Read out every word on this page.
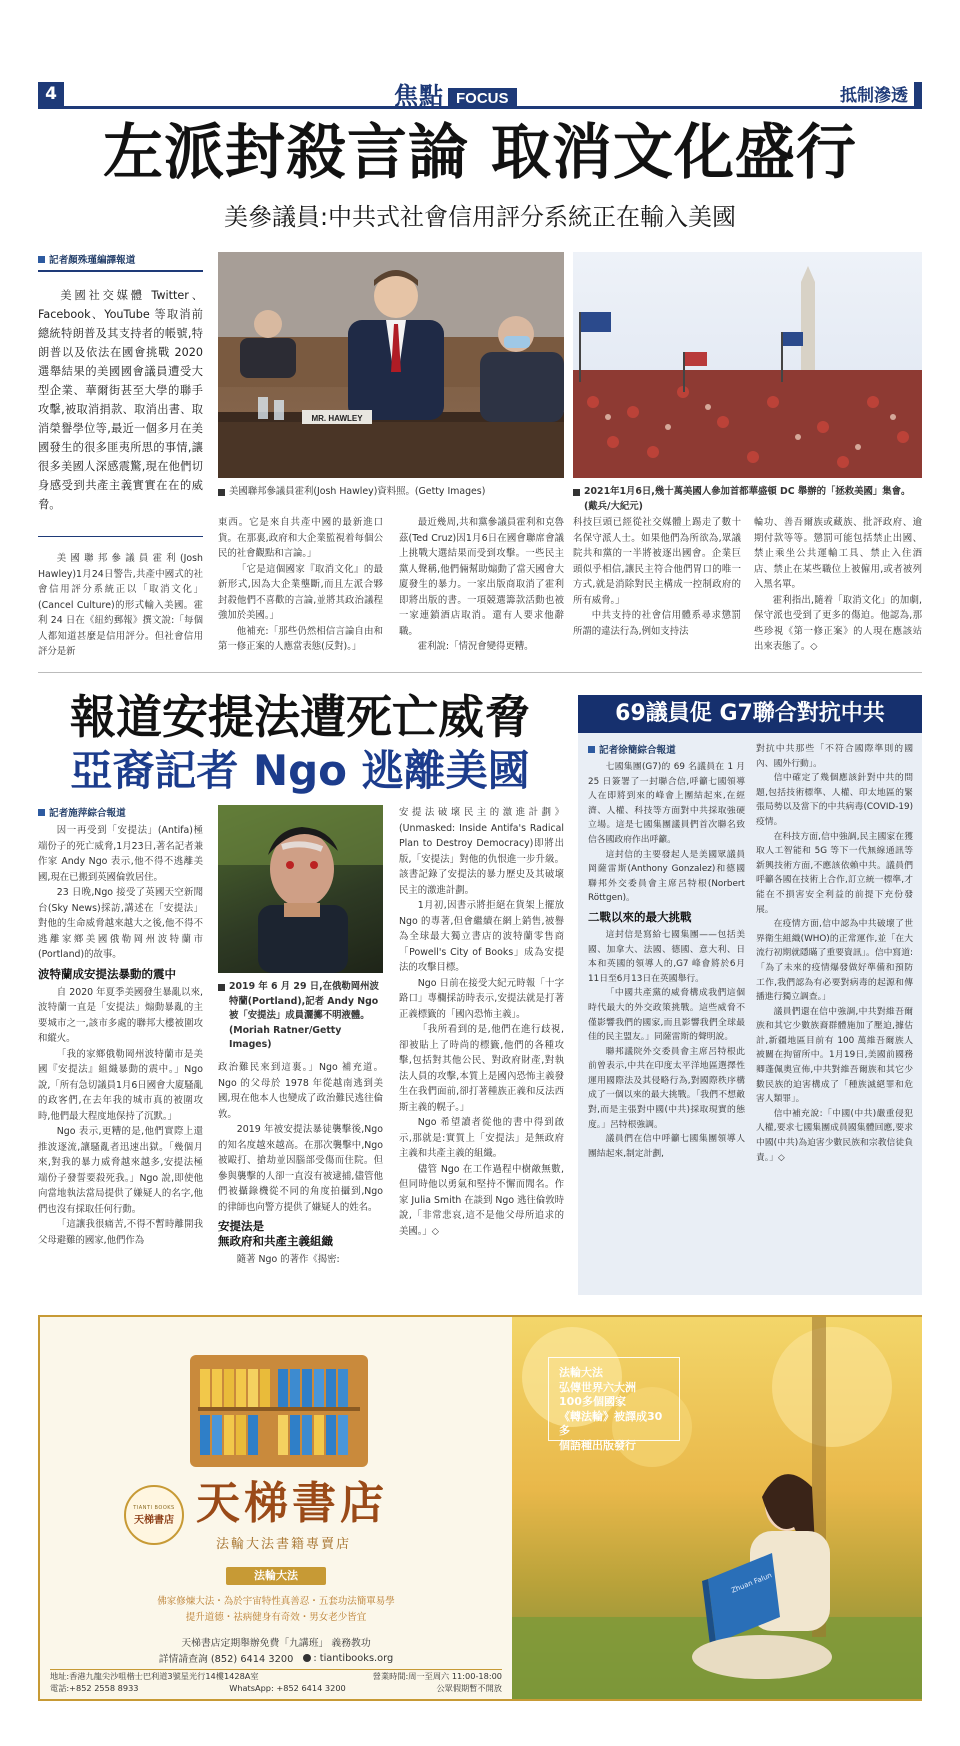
4	焦點 FOCUS	抵制滲透
左派封殺言論 取消文化盛行
美參議員:中共式社會信用評分系統正在輸入美國
記者顏殊瑾編譯報道

美國社交媒體 Twitter、Facebook、YouTube 等取消前總統特朗普及其支持者的帳號,特朗普以及依法在國會挑戰 2020 選舉結果的美國國會議員遭受大型企業、華爾街甚至大學的聯手攻擊,被取消捐款、取消出書、取消榮譽學位等,最近一個多月在美國發生的很多匪夷所思的事情,讓很多美國人深感震驚,現在他們切身感受到共產主義實實在在的威脅。

美國聯邦參議員霍利(Josh Hawley)1月24日警告,共產中國式的社會信用評分系統正以「取消文化」(Cancel Culture)的形式輸入美國。霍利 24 日在《紐約郵報》撰文說:「每個人都知道甚麼是信用評分。但社會信用評分是新

MR. HAWLEY
美國聯邦參議員霍利(Josh Hawley)資料照。(Getty Images)	2021年1月6日,幾十萬美國人參加首都華盛頓 DC 舉辦的「拯救美國」集會。(戴兵/大紀元)

東西。它是來自共產中國的最新進口貨。在那裏,政府和大企業監視着每個公民的社會觀點和言論。」

「它是這個國家『取消文化』的最新形式,因為大企業壟斷,而且左派合夥封殺他們不喜歡的言論,並將其政治議程強加於美國。」

他補充:「那些仍然相信言論自由和第一修正案的人應當表態(反對)。」

最近幾周,共和黨參議員霍利和克魯茲(Ted Cruz)因1月6日在國會聯席會議上挑戰大選結果而受到攻擊。一些民主黨人聲稱,他們倆幫助煽動了當天國會大廈發生的暴力。一家出版商取消了霍利即將出版的書。一項競選籌款活動也被一家連鎖酒店取消。還有人要求他辭職。

霍利說:「情況會變得更糟。

科技巨頭已經從社交媒體上踢走了數十名保守派人士。如果他們為所欲為,眾議院共和黨的一半將被逐出國會。企業巨頭似乎相信,讓民主符合他們胃口的唯一方式,就是消除對民主構成一控制政府的所有威脅。」

中共支持的社會信用體系尋求懲罰所謂的違法行為,例如支持法

輪功、善吾爾族或藏族、批評政府、逾期付款等等。懲罰可能包括禁止出國、禁止乘坐公共運輸工具、禁止入住酒店、禁止在某些職位上被僱用,或者被列入黑名單。

霍利指出,隨着「取消文化」的加劇,保守派也受到了更多的傷迫。他認為,那些珍視《第一修正案》的人現在應該站出來表態了。◇

報道安提法遭死亡威脅
亞裔記者 Ngo 逃離美國
記者施萍綜合報道

因一再受到「安提法」(Antifa)極端份子的死亡威脅,1月23日,著名記者兼作家 Andy Ngo 表示,他不得不逃離美國,現在已搬到英國倫敦居住。

23 日晚,Ngo 接受了英國天空新聞台(Sky News)採訪,講述在「安提法」對他的生命威脅越來越大之後,他不得不逃離家鄉美國俄勒岡州波特蘭市(Portland)的故事。

波特蘭成安提法暴動的震中

自 2020 年夏季美國發生暴亂以來,波特蘭一直是「安提法」煽動暴亂的主要城市之一,該市多處的聯邦大樓被圍攻和縱火。

「我的家鄉俄勒岡州波特蘭市是美國『安提法』組織暴動的震中。」Ngo 說,「所有急切議員1月6日國會大廈騷亂的政客們,在去年我的城市真的被圍攻時,他們最大程度地保持了沉默。」

Ngo 表示,更糟的是,他們實際上還推波逐流,讓騷亂者迅速出獄。「幾個月來,對我的暴力威脅越來越多,安提法極端份子發誓要殺死我。」Ngo 說,即使他向當地執法當局提供了嫌疑人的名字,他們也沒有採取任何行動。

「這讓我很痛苦,不得不暫時離開我父母避難的國家,他們作為

2019 年 6 月 29 日,在俄勒岡州波特蘭(Portland),記者 Andy Ngo 被「安提法」成員灑擲不明液體。(Moriah Ratner/Getty Images)

政治難民來到這裏。」Ngo 補充道。Ngo 的父母於 1978 年從越南逃到美國,現在他本人也變成了政治難民逃往倫敦。

2019 年被安提法暴徒襲擊後,Ngo 的知名度越來越高。在那次襲擊中,Ngo 被毆打、搶劫並因腦部受傷而住院。但參與襲擊的人卻一直沒有被逮捕,儘管他們被攝錄機從不同的角度拍攝到,Ngo 的律師也向警方提供了嫌疑人的姓名。

安提法是
無政府和共產主義組織

隨著 Ngo 的著作《揭密:

安提法破壞民主的激進計劃》(Unmasked: Inside Antifa's Radical Plan to Destroy Democracy)即將出版,「安提法」對他的仇恨進一步升級。該書記錄了安提法的暴力歷史及其破壞民主的激進計劃。

1月初,因書示將拒絕在貨架上擺放 Ngo 的專著,但會繼續在網上銷售,被譽為全球最大獨立書店的波特蘭零售商「Powell's City of Books」成為安提法的攻擊目標。

Ngo 日前在接受大紀元時報「十字路口」專欄採訪時表示,安提法就是打著正義標籤的「國內恐怖主義」。

「我所看到的是,他們在進行歧視,卻被貼上了時尚的標籤,他們的各種攻擊,包括對其他公民、對政府財產,對執法人員的攻擊,本質上是國內恐怖主義發生在我們面前,卻打著種族正義和反法西斯主義的幌子。」

Ngo 希望讀者從他的書中得到啟示,那就是:實質上「安提法」是無政府主義和共產主義的組織。

儘管 Ngo 在工作過程中樹敵無數,但同時他以勇氣和堅持不懈而聞名。作家 Julia Smith 在談到 Ngo 逃往倫敦時說,「非常悲哀,這不是他父母所追求的美國。」◇

69議員促 G7聯合對抗中共
記者徐簡綜合報道

七國集團(G7)的 69 名議員在 1 月 25 日簽署了一封聯合信,呼籲七國領導人在即將到來的峰會上團結起來,在經濟、人權、科技等方面對中共採取強硬立場。這是七國集團議員們首次聯名致信各國政府作出呼籲。

這封信的主要發起人是美國眾議員岡薩雷斯(Anthony Gonzalez)和德國聯邦外交委員會主席呂特根(Norbert Röttgen)。

二戰以來的最大挑戰

這封信是寫給七國集團——包括美國、加拿大、法國、德國、意大利、日本和英國的領導人的,G7 峰會將於6月11日至6月13日在英國舉行。

「中國共產黨的威脅構成我們這個時代最大的外交政策挑戰。這些威脅不僅影響我們的國家,而且影響我們全球最佳的民主盟友。」同薩雷斯的聲明說。

聯邦議院外交委員會主席呂特根此前曾表示,中共在印度太平洋地區選擇性運用國際法及其侵略行為,對國際秩序構成了一個以來的最大挑戰。「我們不想敵對,而是主張對中國(中共)採取現實的態度。」呂特根強調。

議員們在信中呼籲七國集團領導人團結起來,制定計劃,

對抗中共那些「不符合國際準則的國內、國外行動」。

信中確定了幾個應該針對中共的問題,包括技術標準、人權、印太地區的緊張局勢以及當下的中共病毒(COVID-19)疫情。

在科技方面,信中強調,民主國家在獲取人工智能和 5G 等下一代無線通訊等新興技術方面,不應該依賴中共。議員們呼籲各國在技術上合作,訂立統一標準,才能在不損害安全利益的前提下充份發展。

在疫情方面,信中認為中共破壞了世界衛生組織(WHO)的正常運作,並「在大流行初期就隱瞞了重要資訊」。信中寫道:「為了未來的疫情爆發做好準備和預防工作,我們認為有必要對病毒的起源和傳播進行獨立調查。」

議員們還在信中強調,中共對維吾爾族和其它少數族裔群體施加了壓迫,據估計,新疆地區目前有 100 萬維吾爾族人被關在拘留所中。1月19日,美國前國務卿蓬佩奧宣佈,中共對維吾爾族和其它少數民族的迫害構成了「種族滅絕罪和危害人類罪」。

信中補充說:「中國(中共)嚴重侵犯人權,要求七國集團成員國集體回應,要求中國(中共)為迫害少數民族和宗教信徒負責。」◇

TIANTI BOOKS
天梯書店 天梯書店
法輪大法書籍專賣店
法輪大法
佛家修煉大法・為於宇宙特性真善忍・五套功法簡單易學
提升道德・祛病健身有奇效・男女老少皆宜
天梯書店定期舉辦免費「九講班」 義務教功
詳情請查詢 (852) 6414 3200 : tiantibooks.org
地址:香港九龍尖沙咀楷士巴利道3號星光行14樓1428A室	營業時間:周一至周六 11:00-18:00
電話:+852 2558 8933	WhatsApp: +852 6414 3200	公眾假期暫不開放
法輪大法
弘傳世界六大洲
100多個國家
《轉法輪》被譯成30多
個語種出版發行
Zhuan Falun
